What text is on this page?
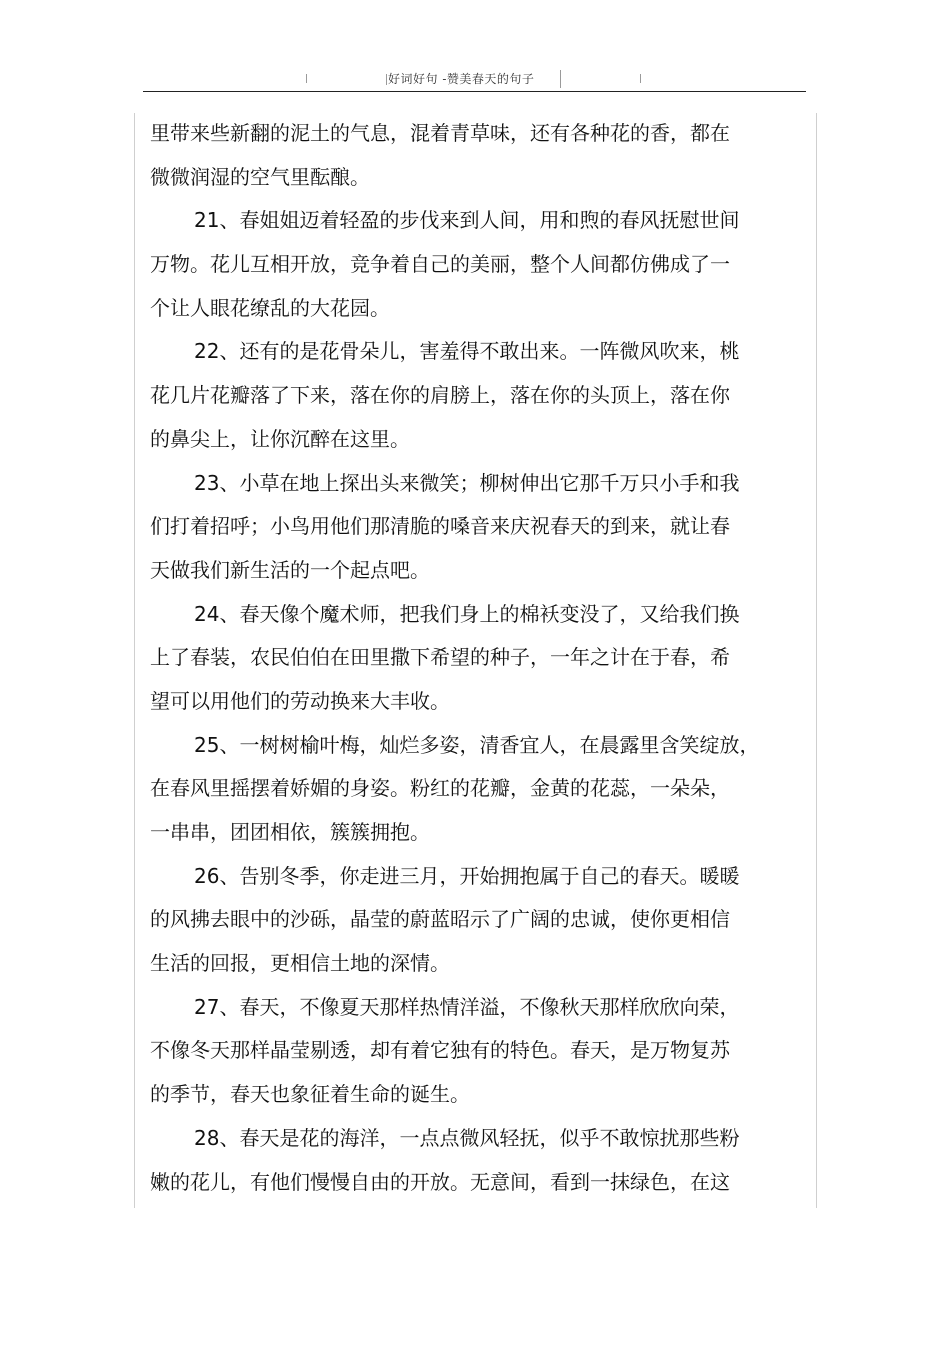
好词好句 -赞美春天的句子
里带来些新翻的泥土的气息，混着青草味，还有各种花的香，都在
微微润湿的空气里酝酿。
21、春姐姐迈着轻盈的步伐来到人间，用和煦的春风抚慰世间
万物。花儿互相开放，竞争着自己的美丽，整个人间都仿佛成了一
个让人眼花缭乱的大花园。
22、还有的是花骨朵儿，害羞得不敢出来。一阵微风吹来，桃
花几片花瓣落了下来，落在你的肩膀上，落在你的头顶上，落在你
的鼻尖上，让你沉醉在这里。
23、小草在地上探出头来微笑；柳树伸出它那千万只小手和我
们打着招呼；小鸟用他们那清脆的嗓音来庆祝春天的到来，就让春
天做我们新生活的一个起点吧。
24、春天像个魔术师，把我们身上的棉袄变没了，又给我们换
上了春装，农民伯伯在田里撒下希望的种子，一年之计在于春，希
望可以用他们的劳动换来大丰收。
25、一树树榆叶梅，灿烂多姿，清香宜人，在晨露里含笑绽放，
在春风里摇摆着娇媚的身姿。粉红的花瓣，金黄的花蕊，一朵朵，
一串串，团团相依，簇簇拥抱。
26、告别冬季，你走进三月，开始拥抱属于自己的春天。暖暖
的风拂去眼中的沙砾，晶莹的蔚蓝昭示了广阔的忠诚，使你更相信
生活的回报，更相信土地的深情。
27、春天，不像夏天那样热情洋溢，不像秋天那样欣欣向荣，
不像冬天那样晶莹剔透，却有着它独有的特色。春天，是万物复苏
的季节，春天也象征着生命的诞生。
28、春天是花的海洋，一点点微风轻抚，似乎不敢惊扰那些粉
嫩的花儿，有他们慢慢自由的开放。无意间，看到一抹绿色，在这
